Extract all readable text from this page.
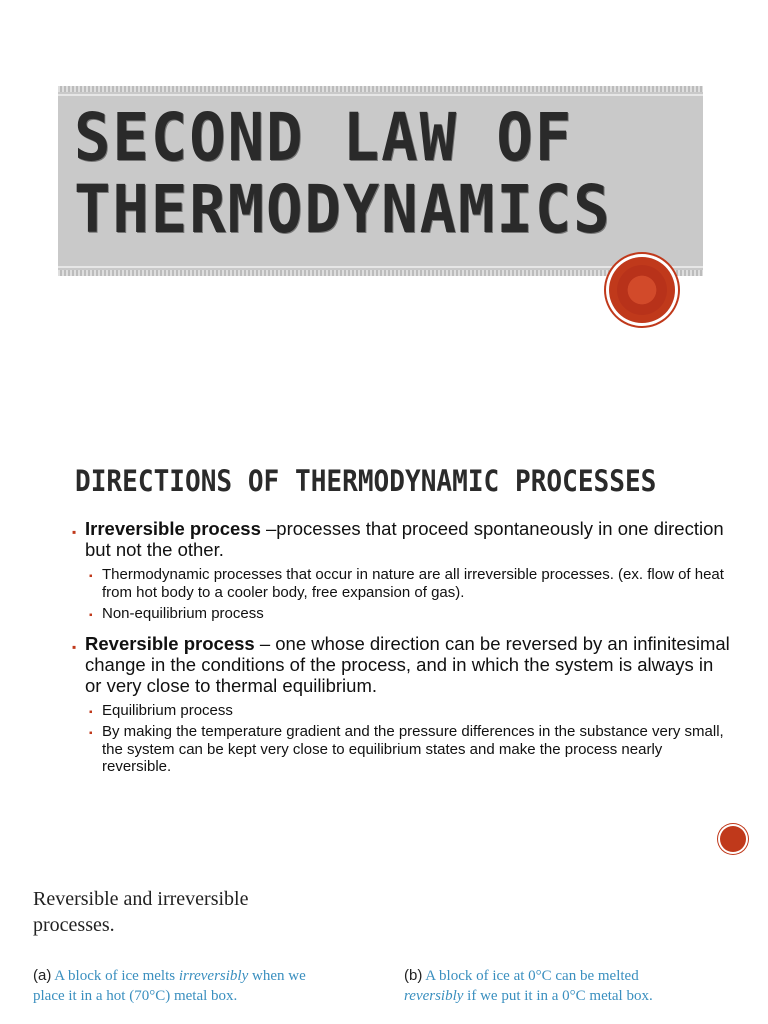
SECOND LAW OF
THERMODYNAMICS
DIRECTIONS OF THERMODYNAMIC PROCESSES
▪ Irreversible process –processes that proceed spontaneously in one direction but not the other.
▪ Thermodynamic processes that occur in nature are all irreversible processes. (ex. flow of heat from hot body to a cooler body, free expansion of gas).
▪ Non-equilibrium process
▪ Reversible process – one whose direction can be reversed by an infinitesimal change in the conditions of the process, and in which the system is always in or very close to thermal equilibrium.
▪ Equilibrium process
▪ By making the temperature gradient and the pressure differences in the substance very small, the system can be kept very close to equilibrium states and make the process nearly reversible.
Reversible and irreversible
processes.
(a) A block of ice melts irreversibly when we
place it in a hot (70°C) metal box.
(b) A block of ice at 0°C can be melted
reversibly if we put it in a 0°C metal box.
